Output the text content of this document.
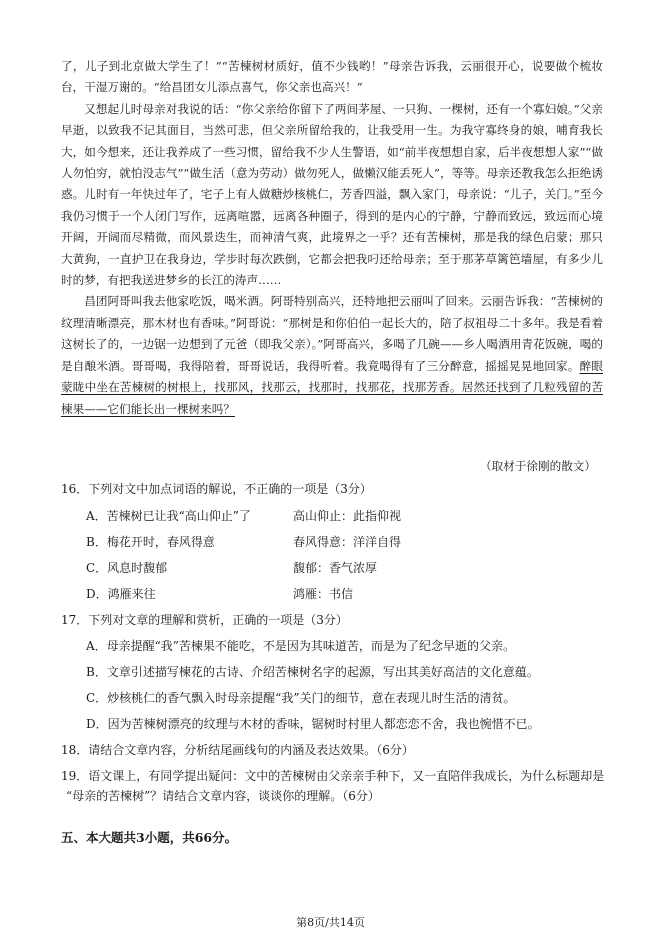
了，儿子到北京做大学生了！”“苦楝树材质好，值不少钱哟！”母亲告诉我，云丽很开心，说要做个梳妆台，干湿万谢的。“给昌团女儿添点喜气，你父亲也高兴！”

又想起儿时母亲对我说的话：“你父亲给你留下了两间茅屋、一只狗、一棵树，还有一个寡妇娘。”父亲早逝，以致我不记其面目，当然可悲，但父亲所留给我的，让我受用一生。为我守寡终身的娘，哺育我长大，如今想来，还让我养成了一些习惯，留给我不少人生警语，如“前半夜想想自家，后半夜想想人家”“做人勿怕穷，就怕没志气”“做生活（意为劳动）做勿死人，做懒汉能丢死人”，等等。母亲还教我怎么拒绝诱惑。儿时有一年快过年了，宅子上有人做糖炒核桃仁，芳香四溢，飘入家门，母亲说：“儿子，关门。”至今我仍习惯于一个人闭门写作，远离喧嚣，远离各种圈子，得到的是内心的宁静，宁静而致远，致远而心境开阔，开阔而尽精微，而风景迭生，而神清气爽，此境界之一乎？还有苦楝树，那是我的绿色启蒙；那只大黄狗，一直护卫在我身边，学步时每次跌倒，它都会把我叼还给母亲；至于那茅草篱笆墙屋，有多少儿时的梦，有把我送进梦乡的长江的涛声……

昌团阿哥叫我去他家吃饭，喝米酒。阿哥特别高兴，还特地把云丽叫了回来。云丽告诉我：“苦楝树的纹理清晰漂亮，那木材也有香味。”阿哥说：“那树是和你伯伯一起长大的，陪了叔祖母二十多年。我是看着这树长了的，一边锯一边想到了元爸（即我父亲）。”阿哥高兴，多喝了几碗——乡人喝酒用青花饭碗，喝的是自酿米酒。哥哥喝，我得陪着，哥哥说话，我得听着。我竟喝得有了三分醉意，摇摇晃晃地回家。醉眼蒙眬中坐在苦楝树的树根上，找那风，找那云，找那时，找那花，找那芳香。居然还找到了几粒残留的苦楝果——它们能长出一棵树来吗？

（取材于徐刚的散文）
16．下列对文中加点词语的解说，不正确的一项是（3分）
A．苦楝树已让我“高山仰止”了	高山仰止：此指仰视
B．梅花开时，春风得意	春风得意：洋洋自得
C．风息时馥郁	馥郁：香气浓厚
D．鸿雁来往	鸿雁：书信
17．下列对文章的理解和赏析，正确的一项是（3分）
A．母亲提醒“我”苦楝果不能吃，不是因为其味道苦，而是为了纪念早逝的父亲。
B．文章引述描写楝花的古诗、介绍苦楝树名字的起源，写出其美好高洁的文化意蕴。
C．炒核桃仁的香气飘入时母亲提醒“我”关门的细节，意在表现儿时生活的清贫。
D．因为苦楝树漂亮的纹理与木材的香味，锯树时村里人都恋恋不舍，我也惋惜不已。
18．请结合文章内容，分析结尾画线句的内涵及表达效果。（6分）
19．语文课上，有同学提出疑问：文中的苦楝树由父亲亲手种下，又一直陪伴我成长，为什么标题却是
“母亲的苦楝树”？请结合文章内容，谈谈你的理解。（6分）
五、本大题共3小题，共66分。
第8页/共14页
